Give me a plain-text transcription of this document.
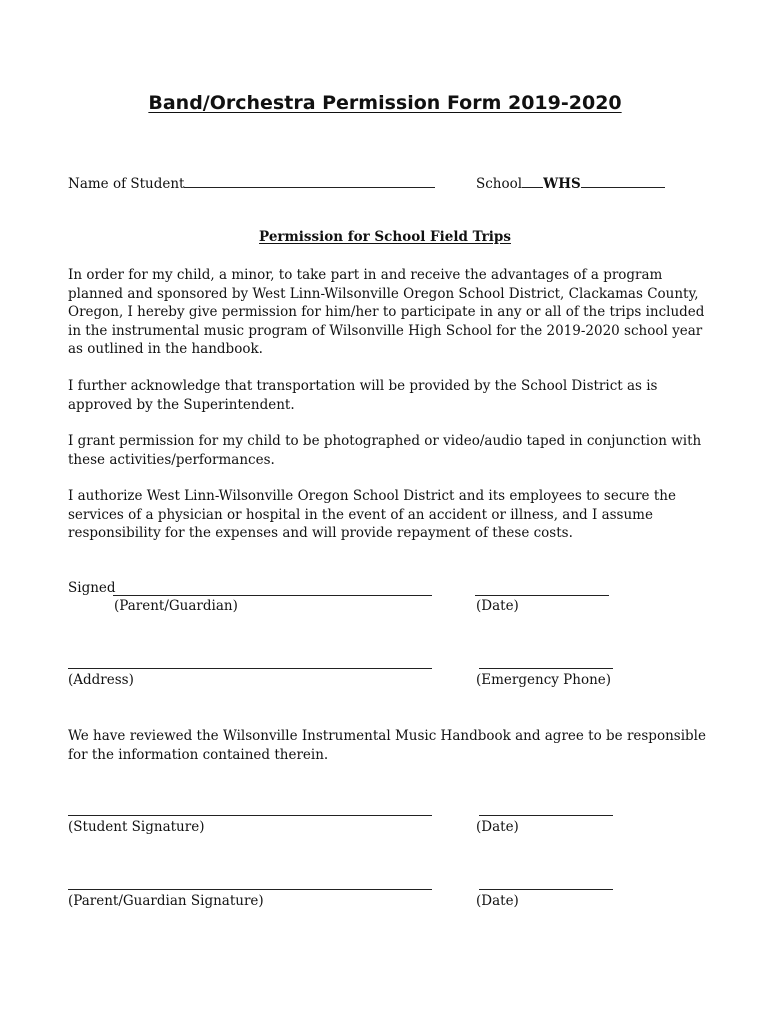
Band/Orchestra Permission Form 2019-2020
Name of Student	School WHS
Permission for School Field Trips

In order for my child, a minor, to take part in and receive the advantages of a program planned and sponsored by West Linn-Wilsonville Oregon School District, Clackamas County, Oregon, I hereby give permission for him/her to participate in any or all of the trips included in the instrumental music program of Wilsonville High School for the 2019-2020 school year as outlined in the handbook.

I further acknowledge that transportation will be provided by the School District as is approved by the Superintendent.

I grant permission for my child to be photographed or video/audio taped in conjunction with these activities/performances.

I authorize West Linn-Wilsonville Oregon School District and its employees to secure the services of a physician or hospital in the event of an accident or illness, and I assume responsibility for the expenses and will provide repayment of these costs.

Signed
(Parent/Guardian)	(Date)
(Address)	(Emergency Phone)

We have reviewed the Wilsonville Instrumental Music Handbook and agree to be responsible for the information contained therein.

(Student Signature)	(Date)
(Parent/Guardian Signature)	(Date)
